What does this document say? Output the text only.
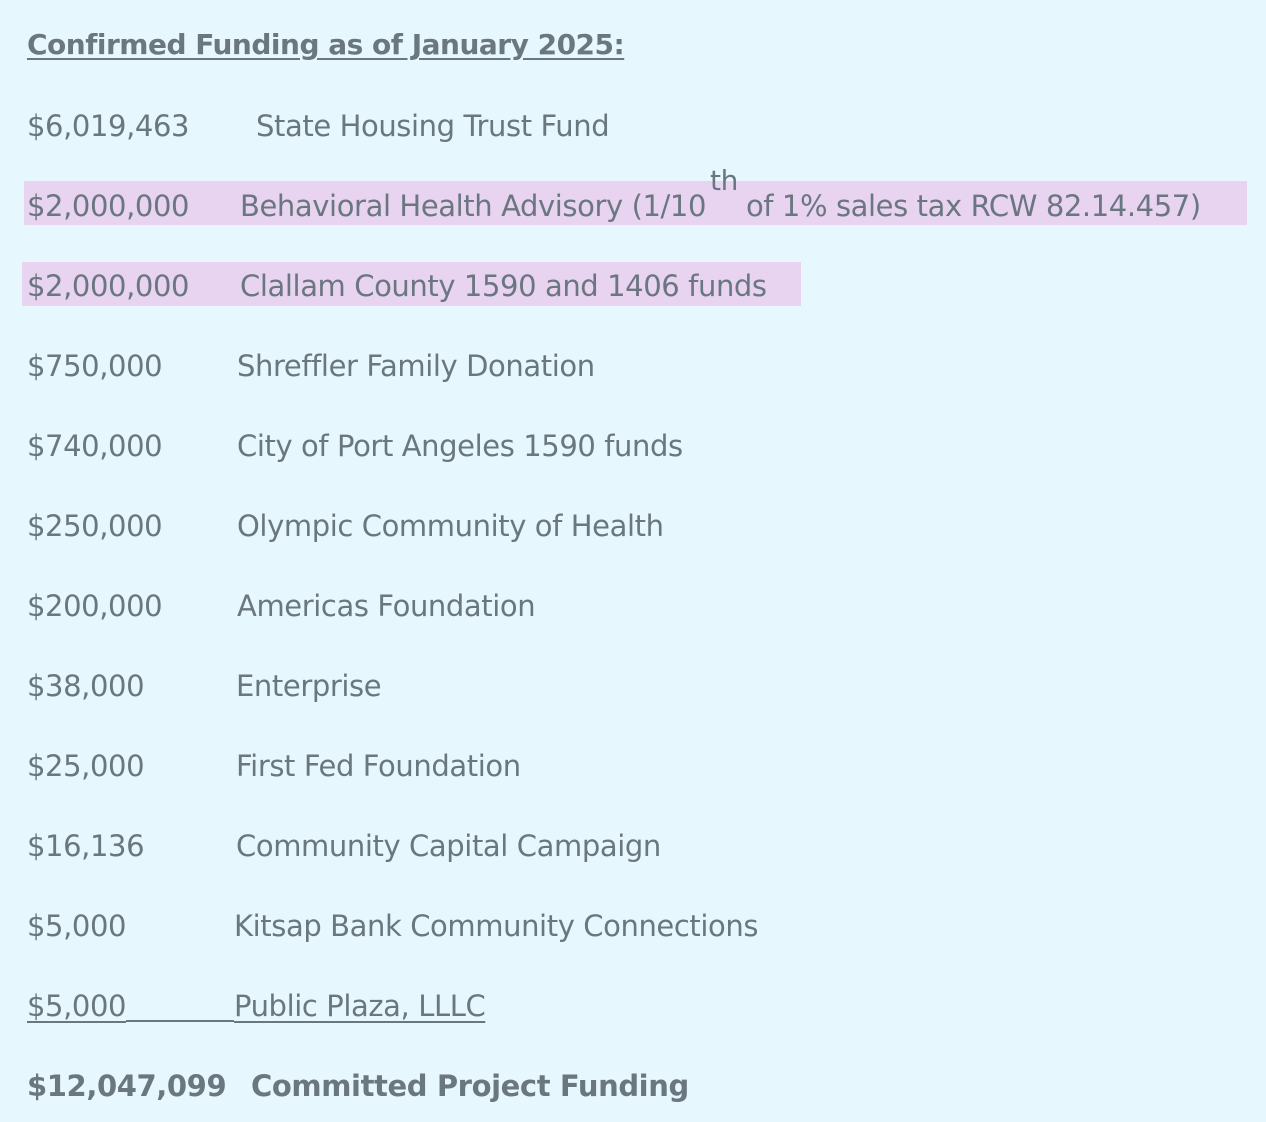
Confirmed Funding as of January 2025:
$6,019,463 State Housing Trust Fund
$2,000,000 Behavioral Health Advisory (1/10thof 1% sales tax RCW 82.14.457)
$2,000,000 Clallam County 1590 and 1406 funds
$750,000	Shreffler Family Donation
$740,000	City of Port Angeles 1590 funds
$250,000	Olympic Community of Health
$200,000	Americas Foundation
$38,000	Enterprise
$25,000	First Fed Foundation
$16,136	Community Capital Campaign
$5,000	Kitsap Bank Community Connections
$5,000	Public Plaza, LLLC
$12,047,099 Committed Project Funding
